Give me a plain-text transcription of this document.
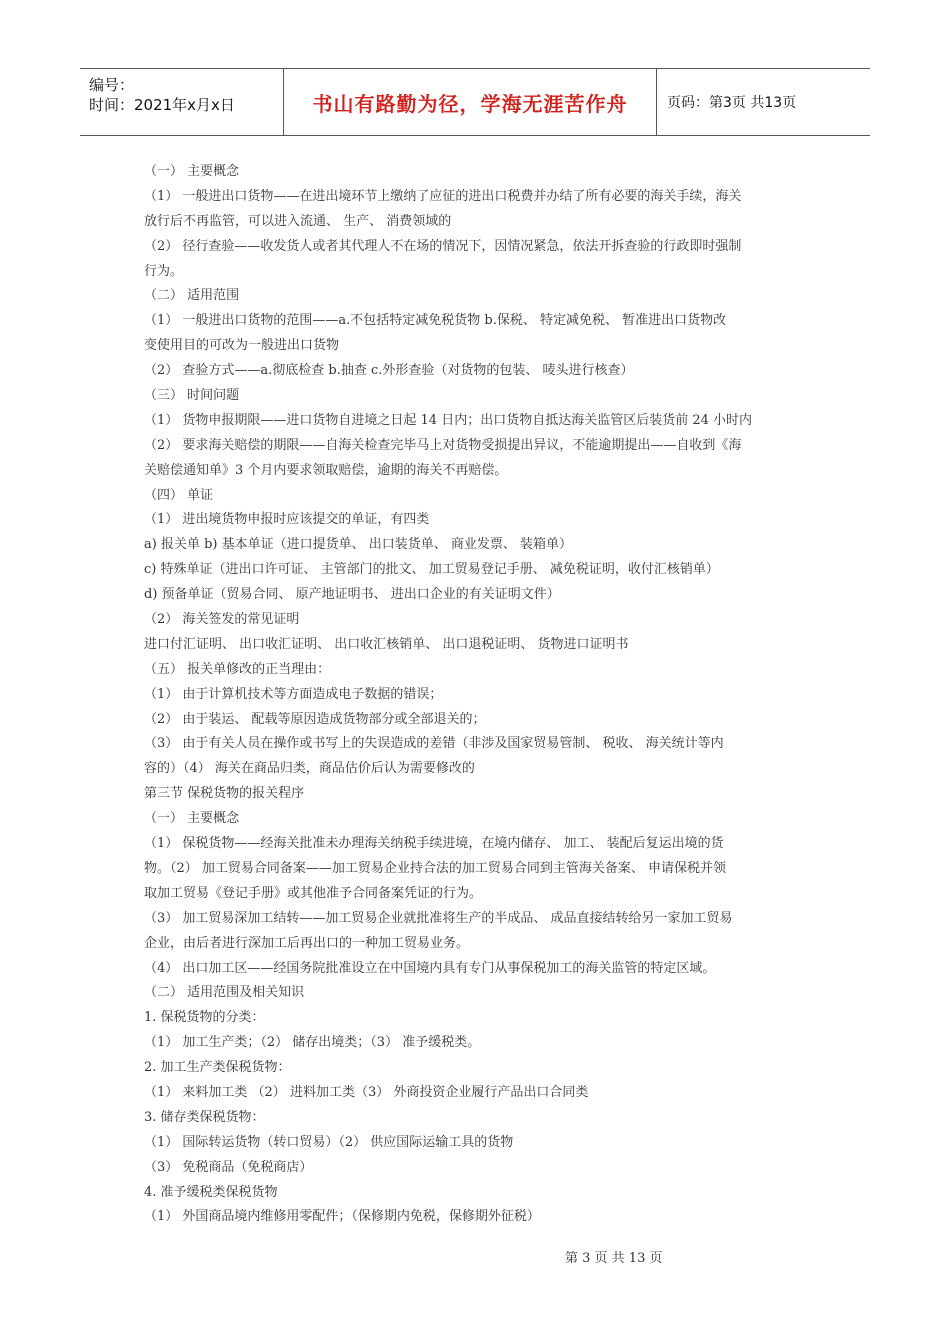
编号：
时间：2021年x月x日	书山有路勤为径，学海无涯苦作舟	页码：第3页 共13页
（一） 主要概念
（1） 一般进出口货物——在进出境环节上缴纳了应征的进出口税费并办结了所有必要的海关手续，海关
放行后不再监管，可以进入流通、 生产、 消费领域的
（2） 径行查验——收发货人或者其代理人不在场的情况下，因情况紧急，依法开拆查验的行政即时强制
行为。
（二） 适用范围
（1） 一般进出口货物的范围——a.不包括特定减免税货物 b.保税、 特定减免税、 暂准进出口货物改
变使用目的可改为一般进出口货物
（2） 查验方式——a.彻底检查 b.抽查 c.外形查验（对货物的包装、 唛头进行核查）
（三） 时间问题
（1） 货物申报期限——进口货物自进境之日起 14 日内；出口货物自抵达海关监管区后装货前 24 小时内
（2） 要求海关赔偿的期限——自海关检查完毕马上对货物受损提出异议，不能逾期提出——自收到《海
关赔偿通知单》3 个月内要求领取赔偿，逾期的海关不再赔偿。
（四） 单证
（1） 进出境货物申报时应该提交的单证，有四类
a) 报关单 b) 基本单证（进口提货单、 出口装货单、 商业发票、 装箱单）
c) 特殊单证（进出口许可证、 主管部门的批文、 加工贸易登记手册、 减免税证明，收付汇核销单）
d) 预备单证（贸易合同、 原产地证明书、 进出口企业的有关证明文件）
（2） 海关签发的常见证明
进口付汇证明、 出口收汇证明、 出口收汇核销单、 出口退税证明、 货物进口证明书
（五） 报关单修改的正当理由：
（1） 由于计算机技术等方面造成电子数据的错误；
（2） 由于装运、 配载等原因造成货物部分或全部退关的；
（3） 由于有关人员在操作或书写上的失误造成的差错（非涉及国家贸易管制、 税收、 海关统计等内
容的）（4） 海关在商品归类，商品估价后认为需要修改的
第三节 保税货物的报关程序
（一） 主要概念
（1） 保税货物——经海关批准未办理海关纳税手续进境，在境内储存、 加工、 装配后复运出境的货
物。（2） 加工贸易合同备案——加工贸易企业持合法的加工贸易合同到主管海关备案、 申请保税并领
取加工贸易《登记手册》或其他准予合同备案凭证的行为。
（3） 加工贸易深加工结转——加工贸易企业就批准将生产的半成品、 成品直接结转给另一家加工贸易
企业，由后者进行深加工后再出口的一种加工贸易业务。
（4） 出口加工区——经国务院批准设立在中国境内具有专门从事保税加工的海关监管的特定区域。
（二） 适用范围及相关知识
1. 保税货物的分类：
（1） 加工生产类；（2） 储存出境类；（3） 准予缓税类。
2. 加工生产类保税货物：
（1） 来料加工类 （2） 进料加工类（3） 外商投资企业履行产品出口合同类
3. 储存类保税货物：
（1） 国际转运货物（转口贸易）（2） 供应国际运输工具的货物
（3） 免税商品（免税商店）
4. 准予缓税类保税货物
（1） 外国商品境内维修用零配件；（保修期内免税，保修期外征税）
第 3 页 共 13 页
